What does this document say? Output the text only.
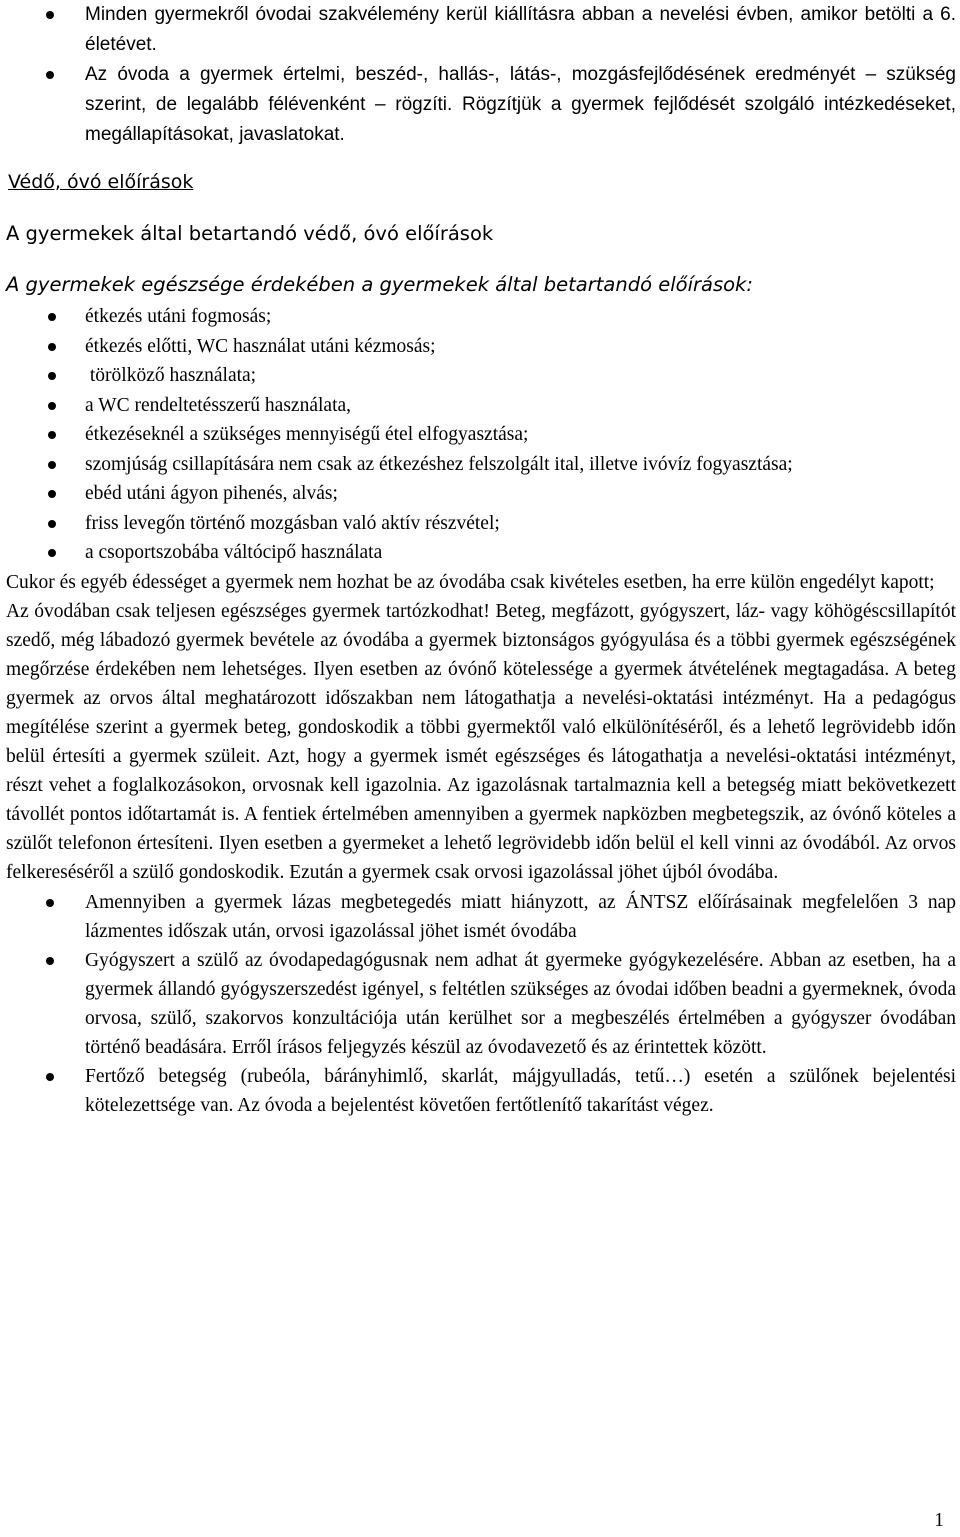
Minden gyermekről óvodai szakvélemény kerül kiállításra abban a nevelési évben, amikor betölti a 6. életévet.
Az óvoda a gyermek értelmi, beszéd-, hallás-, látás-, mozgásfejlődésének eredményét – szükség szerint, de legalább félévenként – rögzíti. Rögzítjük a gyermek fejlődését szolgáló intézkedéseket, megállapításokat, javaslatokat.
Védő, óvó előírások
A gyermekek által betartandó védő, óvó előírások
A gyermekek egészsége érdekében a gyermekek által betartandó előírások:
étkezés utáni fogmosás;
étkezés előtti, WC használat utáni kézmosás;
törölköző használata;
a WC rendeltetésszerű használata,
étkezéseknél a szükséges mennyiségű étel elfogyasztása;
szomjúság csillapítására nem csak az étkezéshez felszolgált ital, illetve ivóvíz fogyasztása;
ebéd utáni ágyon pihenés, alvás;
friss levegőn történő mozgásban való aktív részvétel;
a csoportszobába váltócipő használata

Cukor és egyéb édességet a gyermek nem hozhat be az óvodába csak kivételes esetben, ha erre külön engedélyt kapott;

Az óvodában csak teljesen egészséges gyermek tartózkodhat! Beteg, megfázott, gyógyszert, láz- vagy köhögéscsillapítót szedő, még lábadozó gyermek bevétele az óvodába a gyermek biztonságos gyógyulása és a többi gyermek egészségének megőrzése érdekében nem lehetséges. Ilyen esetben az óvónő kötelessége a gyermek átvételének megtagadása. A beteg gyermek az orvos által meghatározott időszakban nem látogathatja a nevelési-oktatási intézményt. Ha a pedagógus megítélése szerint a gyermek beteg, gondoskodik a többi gyermektől való elkülönítéséről, és a lehető legrövidebb időn belül értesíti a gyermek szüleit. Azt, hogy a gyermek ismét egészséges és látogathatja a nevelési-oktatási intézményt, részt vehet a foglalkozásokon, orvosnak kell igazolnia. Az igazolásnak tartalmaznia kell a betegség miatt bekövetkezett távollét pontos időtartamát is. A fentiek értelmében amennyiben a gyermek napközben megbetegszik, az óvónő köteles a szülőt telefonon értesíteni. Ilyen esetben a gyermeket a lehető legrövidebb időn belül el kell vinni az óvodából. Az orvos felkereséséről a szülő gondoskodik. Ezután a gyermek csak orvosi igazolással jöhet újból óvodába.

Amennyiben a gyermek lázas megbetegedés miatt hiányzott, az ÁNTSZ előírásainak megfelelően 3 nap lázmentes időszak után, orvosi igazolással jöhet ismét óvodába
Gyógyszert a szülő az óvodapedagógusnak nem adhat át gyermeke gyógykezelésére. Abban az esetben, ha a gyermek állandó gyógyszerszedést igényel, s feltétlen szükséges az óvodai időben beadni a gyermeknek, óvoda orvosa, szülő, szakorvos konzultációja után kerülhet sor a megbeszélés értelmében a gyógyszer óvodában történő beadására. Erről írásos feljegyzés készül az óvodavezető és az érintettek között.
Fertőző betegség (rubeóla, bárányhimlő, skarlát, májgyulladás, tetű…) esetén a szülőnek bejelentési kötelezettsége van. Az óvoda a bejelentést követően fertőtlenítő takarítást végez.
1
